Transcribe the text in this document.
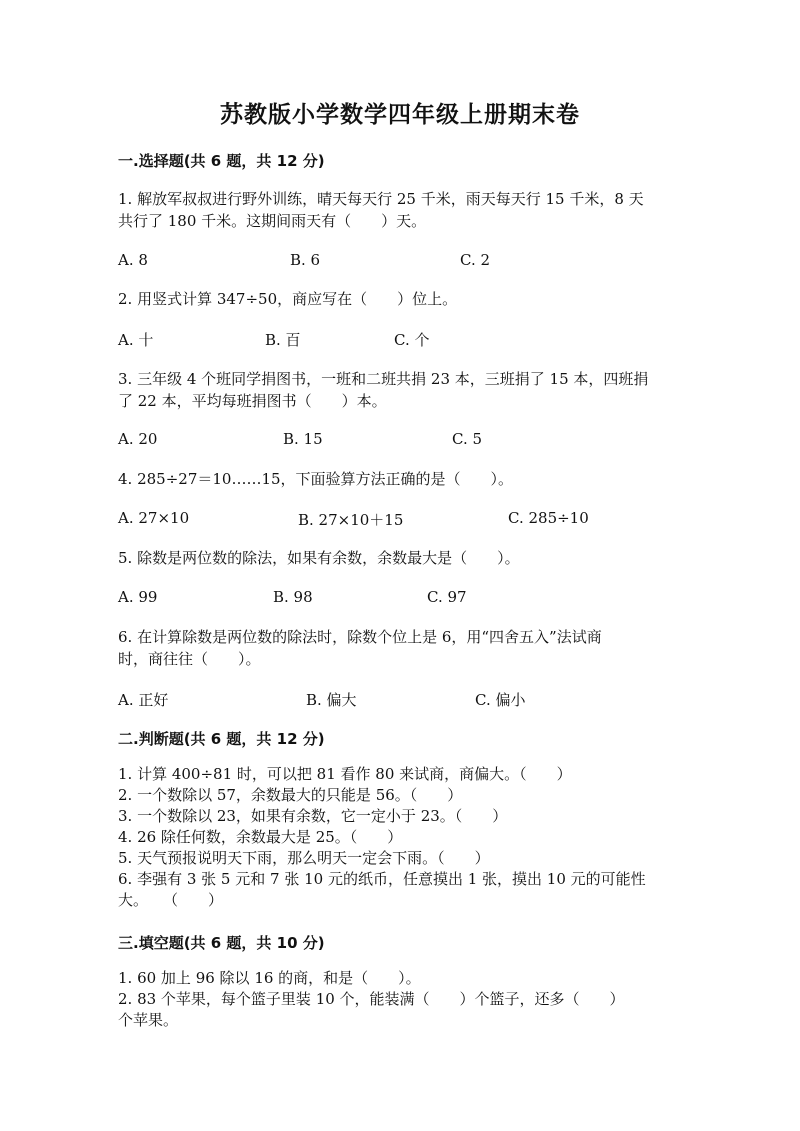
苏教版小学数学四年级上册期末卷
一.选择题(共 6 题，共 12 分)
1. 解放军叔叔进行野外训练，晴天每天行 25 千米，雨天每天行 15 千米，8 天
共行了 180 千米。这期间雨天有（　　）天。
A. 8	B. 6	C. 2
2. 用竖式计算 347÷50，商应写在（　　）位上。
A. 十	B. 百	C. 个
3. 三年级 4 个班同学捐图书，一班和二班共捐 23 本，三班捐了 15 本，四班捐
了 22 本，平均每班捐图书（　　）本。
A. 20	B. 15	C. 5
4. 285÷27＝10……15，下面验算方法正确的是（　　）。
A. 27×10	B. 27×10＋15	C. 285÷10
5. 除数是两位数的除法，如果有余数，余数最大是（　　）。
A. 99	B. 98	C. 97
6. 在计算除数是两位数的除法时，除数个位上是 6，用“四舍五入”法试商
时，商往往（　　）。
A. 正好	B. 偏大	C. 偏小
二.判断题(共 6 题，共 12 分)
1. 计算 400÷81 时，可以把 81 看作 80 来试商，商偏大。（　　）
2. 一个数除以 57，余数最大的只能是 56。（　　）
3. 一个数除以 23，如果有余数，它一定小于 23。（　　）
4. 26 除任何数，余数最大是 25。（　　）
5. 天气预报说明天下雨，那么明天一定会下雨。（　　）
6. 李强有 3 张 5 元和 7 张 10 元的纸币，任意摸出 1 张，摸出 10 元的可能性
大。　　（　　）
三.填空题(共 6 题，共 10 分)
1. 60 加上 96 除以 16 的商，和是（　　）。
2. 83 个苹果，每个篮子里装 10 个，能装满（　　）个篮子，还多（　　）
个苹果。
